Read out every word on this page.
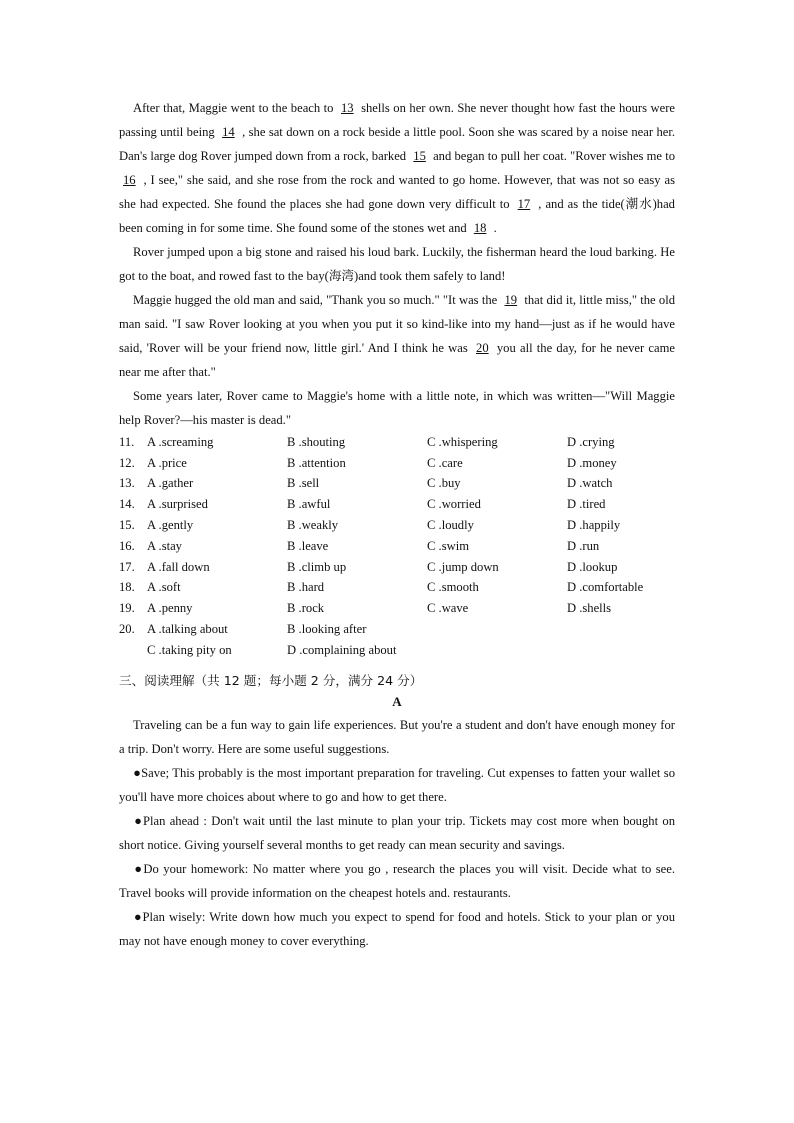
After that, Maggie went to the beach to 13 shells on her own. She never thought how fast the hours were passing until being 14 , she sat down on a rock beside a little pool. Soon she was scared by a noise near her. Dan's large dog Rover jumped down from a rock, barked 15 and began to pull her coat. "Rover wishes me to 16 , I see," she said, and she rose from the rock and wanted to go home. However, that was not so easy as she had expected. She found the places she had gone down very difficult to 17 , and as the tide(潮水)had been coming in for some time. She found some of the stones wet and 18 .

Rover jumped upon a big stone and raised his loud bark. Luckily, the fisherman heard the loud barking. He got to the boat, and rowed fast to the bay(海湾)and took them safely to land!

Maggie hugged the old man and said, "Thank you so much." "It was the 19 that did it, little miss," the old man said. "I saw Rover looking at you when you put it so kind-like into my hand—just as if he would have said, 'Rover will be your friend now, little girl.' And I think he was 20 you all the day, for he never came near me after that."

Some years later, Rover came to Maggie's home with a little note, in which was written—"Will Maggie help Rover?—his master is dead."

11.	A .screaming	B .shouting	C .whispering	D .crying
12.	A .price	B .attention	C .care	D .money
13.	A .gather	B .sell	C .buy	D .watch
14.	A .surprised	B .awful	C .worried	D .tired
15.	A .gently	B .weakly	C .loudly	D .happily
16.	A .stay	B .leave	C .swim	D .run
17.	A .fall down	B .climb up	C .jump down	D .lookup
18.	A .soft	B .hard	C .smooth	D .comfortable
19.	A .penny	B .rock	C .wave	D .shells
20.	A .talking about	B .looking after		
	C .taking pity on	D .complaining about		
三、阅读理解（共 12 题；每小题 2 分，满分 24 分）
A

Traveling can be a fun way to gain life experiences. But you're a student and don't have enough money for a trip. Don't worry. Here are some useful suggestions.

●Save; This probably is the most important preparation for traveling. Cut expenses to fatten your wallet so you'll have more choices about where to go and how to get there.

●Plan ahead : Don't wait until the last minute to plan your trip. Tickets may cost more when bought on short notice. Giving yourself several months to get ready can mean security and savings.

●Do your homework: No matter where you go , research the places you will visit. Decide what to see. Travel books will provide information on the cheapest hotels and. restaurants.

●Plan wisely: Write down how much you expect to spend for food and hotels. Stick to your plan or you may not have enough money to cover everything.
